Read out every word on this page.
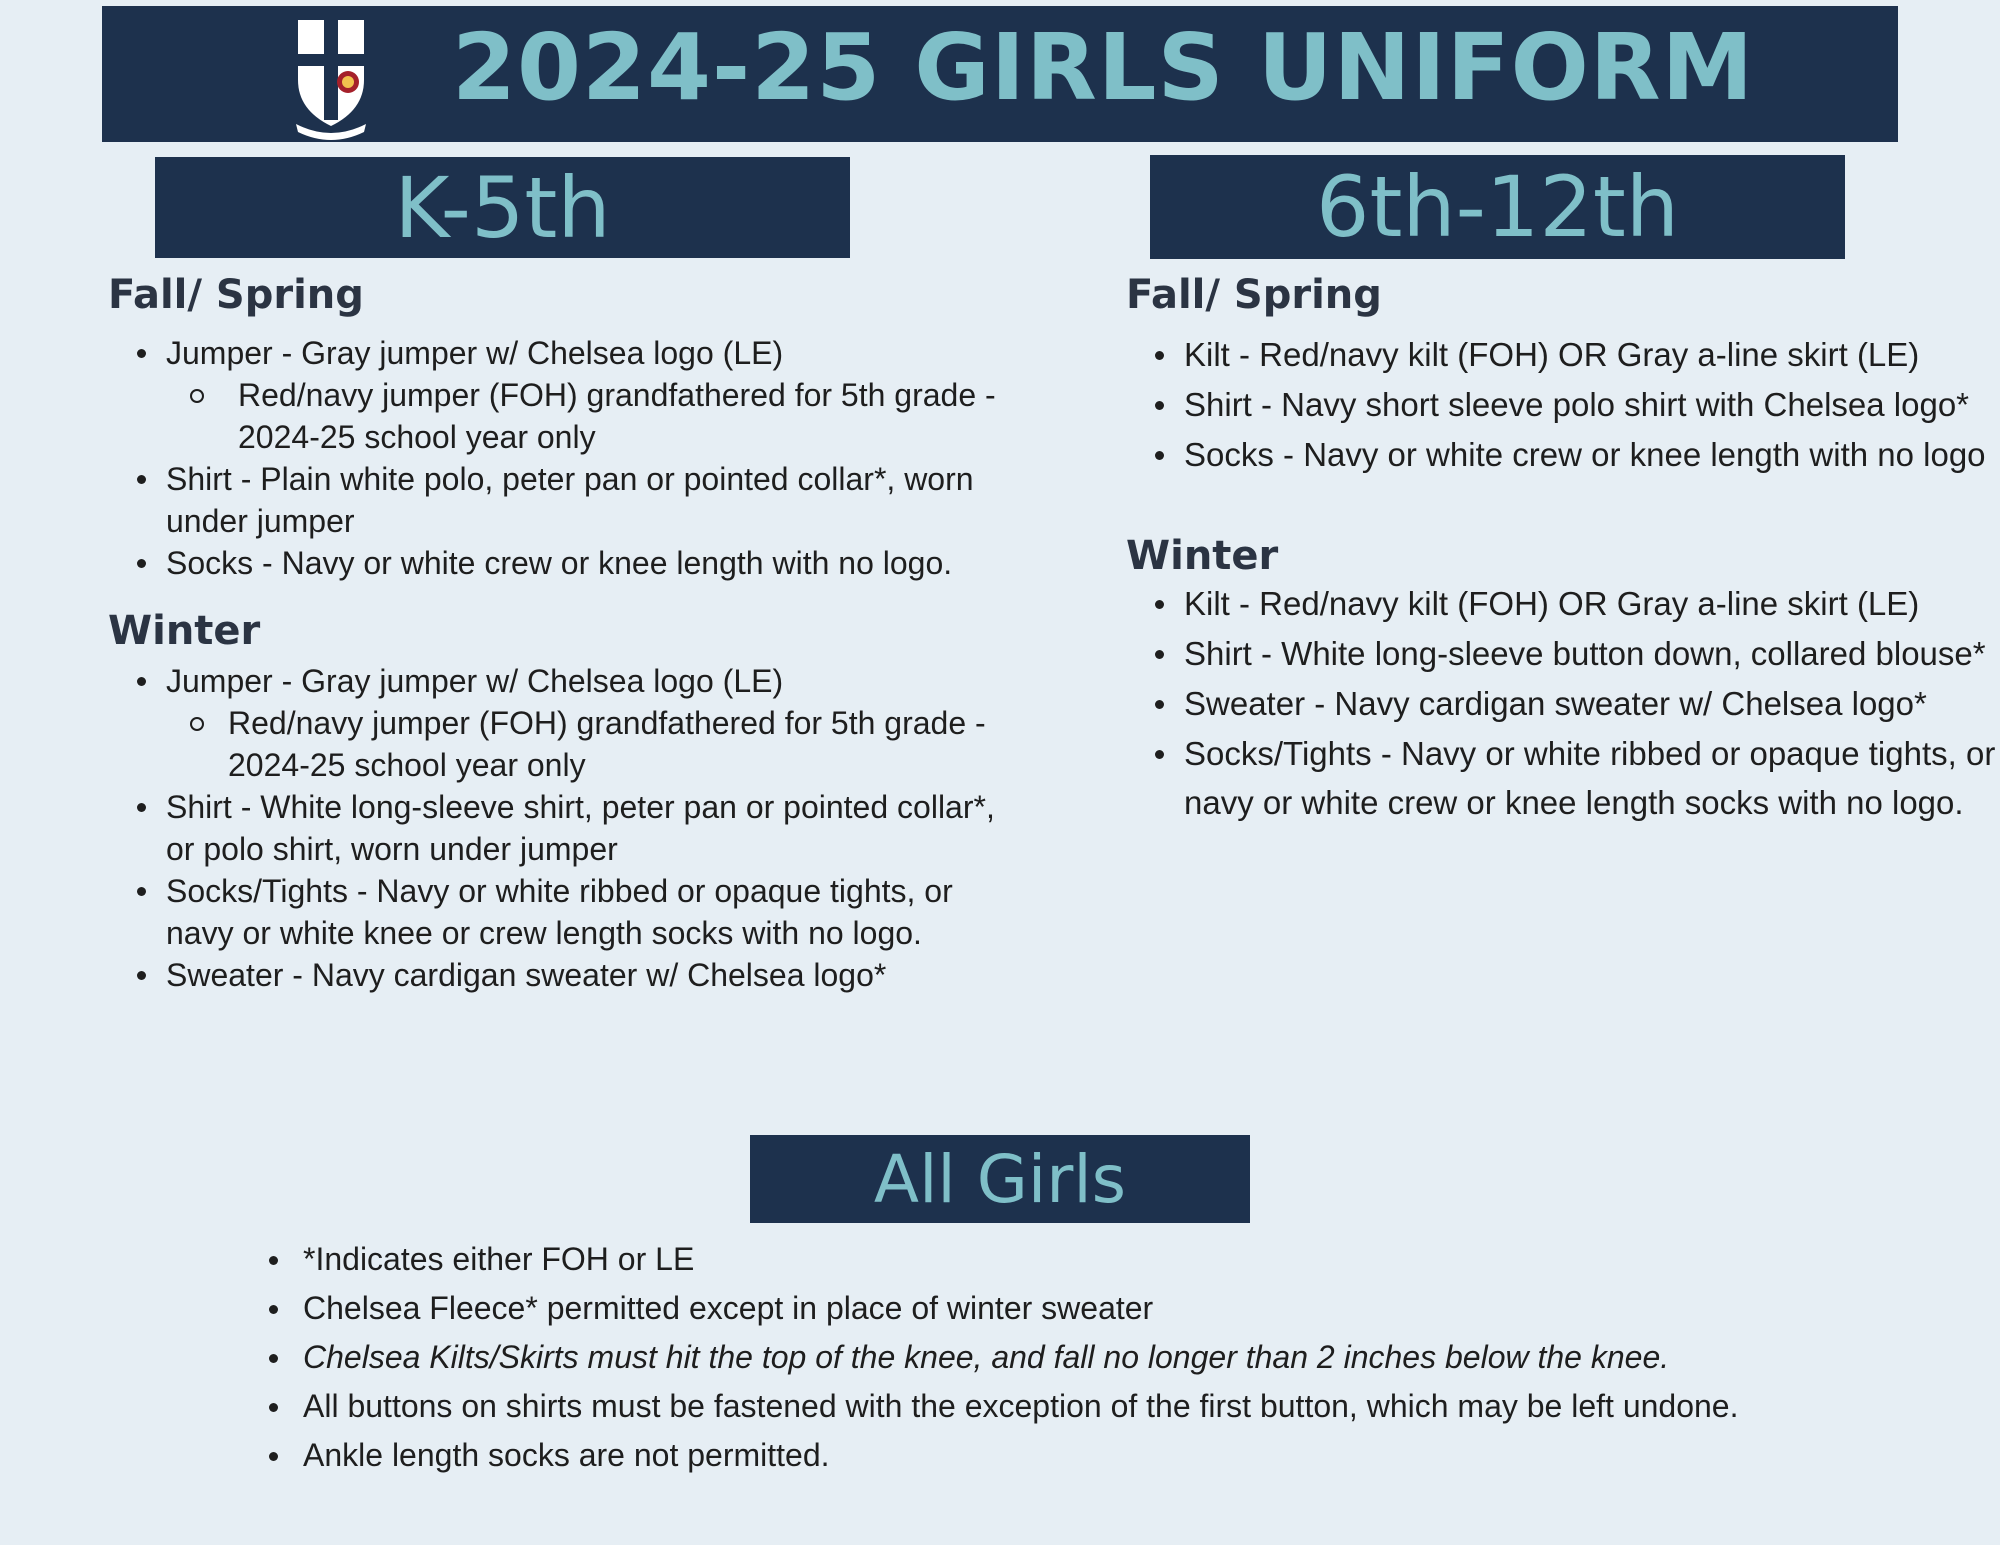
2024-25 GIRLS UNIFORM
K-5th
Fall/ Spring
Jumper - Gray jumper w/ Chelsea logo (LE)
Red/navy jumper (FOH) grandfathered for 5th grade - 2024-25 school year only
Shirt - Plain white polo, peter pan or pointed collar*, worn under jumper
Socks - Navy or white crew or knee length with no logo.
Winter
Jumper - Gray jumper w/ Chelsea logo (LE)
Red/navy jumper (FOH) grandfathered for 5th grade - 2024-25 school year only
Shirt - White long-sleeve shirt, peter pan or pointed collar*, or polo shirt, worn under jumper
Socks/Tights - Navy or white ribbed or opaque tights, or navy or white knee or crew length socks with no logo.
Sweater - Navy cardigan sweater w/ Chelsea logo*
6th-12th
Fall/ Spring
Kilt - Red/navy kilt (FOH) OR Gray a-line skirt (LE)
Shirt - Navy short sleeve polo shirt with Chelsea logo*
Socks - Navy or white crew or knee length with no logo
Winter
Kilt - Red/navy kilt (FOH) OR Gray a-line skirt (LE)
Shirt - White long-sleeve button down, collared blouse*
Sweater - Navy cardigan sweater w/ Chelsea logo*
Socks/Tights - Navy or white ribbed or opaque tights, or navy or white crew or knee length socks with no logo.
All Girls
*Indicates either FOH or LE
Chelsea Fleece* permitted except in place of winter sweater
Chelsea Kilts/Skirts must hit the top of the knee, and fall no longer than 2 inches below the knee.
All buttons on shirts must be fastened with the exception of the first button, which may be left undone.
Ankle length socks are not permitted.
